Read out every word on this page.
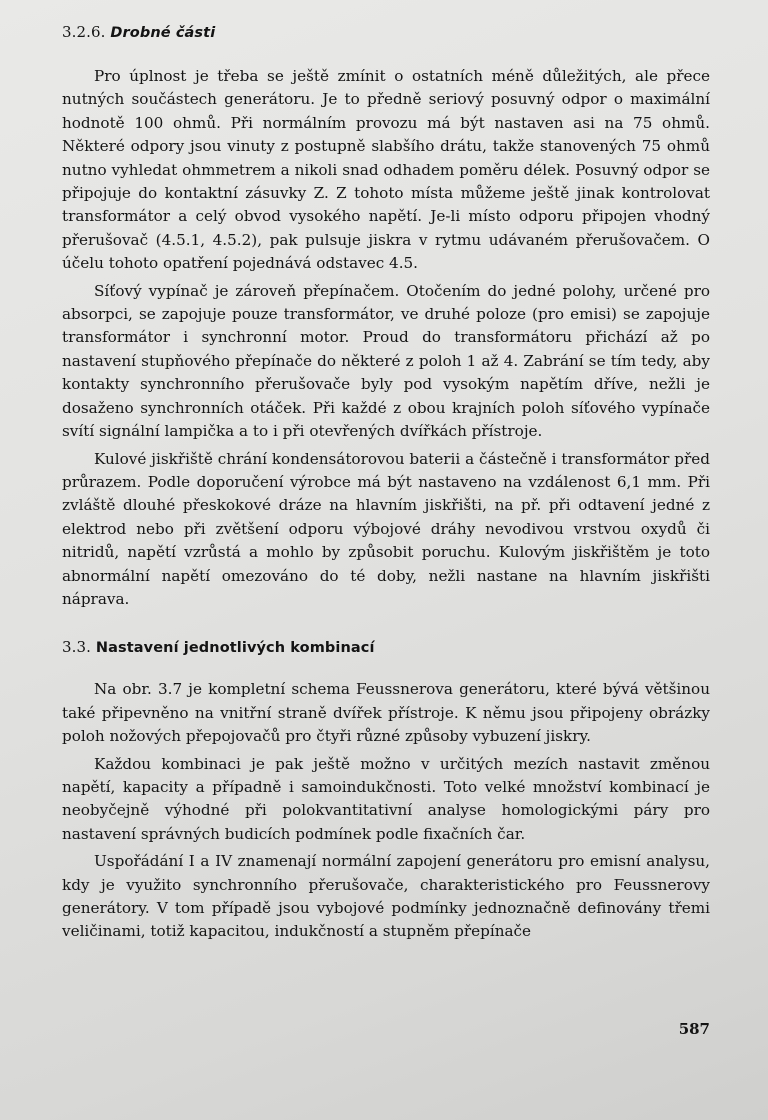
3.2.6. Drobné části

Pro úplnost je třeba se ještě zmínit o ostatních méně důležitých, ale přece nutných součástech generátoru. Je to předně seriový posuvný odpor o maximální hodnotě 100 ohmů. Při normálním provozu má být nastaven asi na 75 ohmů. Některé odpory jsou vinuty z postupně slabšího drátu, takže stanovených 75 ohmů nutno vyhledat ohmmetrem a nikoli snad odhadem poměru délek. Posuvný odpor se připojuje do kontaktní zásuvky Z. Z tohoto místa můžeme ještě jinak kontrolovat transformátor a celý obvod vysokého napětí. Je-li místo odporu připojen vhodný přerušovač (4.5.1, 4.5.2), pak pulsuje jiskra v rytmu udávaném přerušovačem. O účelu tohoto opatření pojednává odstavec 4.5.

Síťový vypínač je zároveň přepínačem. Otočením do jedné polohy, určené pro absorpci, se zapojuje pouze transformátor, ve druhé poloze (pro emisi) se zapojuje transformátor i synchronní motor. Proud do transformátoru přichází až po nastavení stupňového přepínače do některé z poloh 1 až 4. Zabrání se tím tedy, aby kontakty synchronního přerušovače byly pod vysokým napětím dříve, nežli je dosaženo synchronních otáček. Při každé z obou krajních poloh síťového vypínače svítí signální lampička a to i při otevřených dvířkách přístroje.

Kulové jiskřiště chrání kondensátorovou baterii a částečně i transformátor před průrazem. Podle doporučení výrobce má být nastaveno na vzdálenost 6,1 mm. Při zvláště dlouhé přeskokové dráze na hlavním jiskřišti, na př. při odtavení jedné z elektrod nebo při zvětšení odporu výbojové dráhy nevodivou vrstvou oxydů či nitridů, napětí vzrůstá a mohlo by způsobit poruchu. Kulovým jiskřištěm je toto abnormální napětí omezováno do té doby, nežli nastane na hlavním jiskřišti náprava.

3.3. Nastavení jednotlivých kombinací

Na obr. 3.7 je kompletní schema Feussnerova generátoru, které bývá většinou také připevněno na vnitřní straně dvířek přístroje. K němu jsou připojeny obrázky poloh nožových přepojovačů pro čtyři různé způsoby vybuzení jiskry.

Každou kombinaci je pak ještě možno v určitých mezích nastavit změnou napětí, kapacity a případně i samoindukčnosti. Toto velké množství kombinací je neobyčejně výhodné při polokvantitativní analyse homologickými páry pro nastavení správných budicích podmínek podle fixačních čar.

Uspořádání I a IV znamenají normální zapojení generátoru pro emisní analysu, kdy je využito synchronního přerušovače, charakteristického pro Feussnerovy generátory. V tom případě jsou vybojové podmínky jednoznačně definovány třemi veličinami, totiž kapacitou, indukčností a stupněm přepínače

587
